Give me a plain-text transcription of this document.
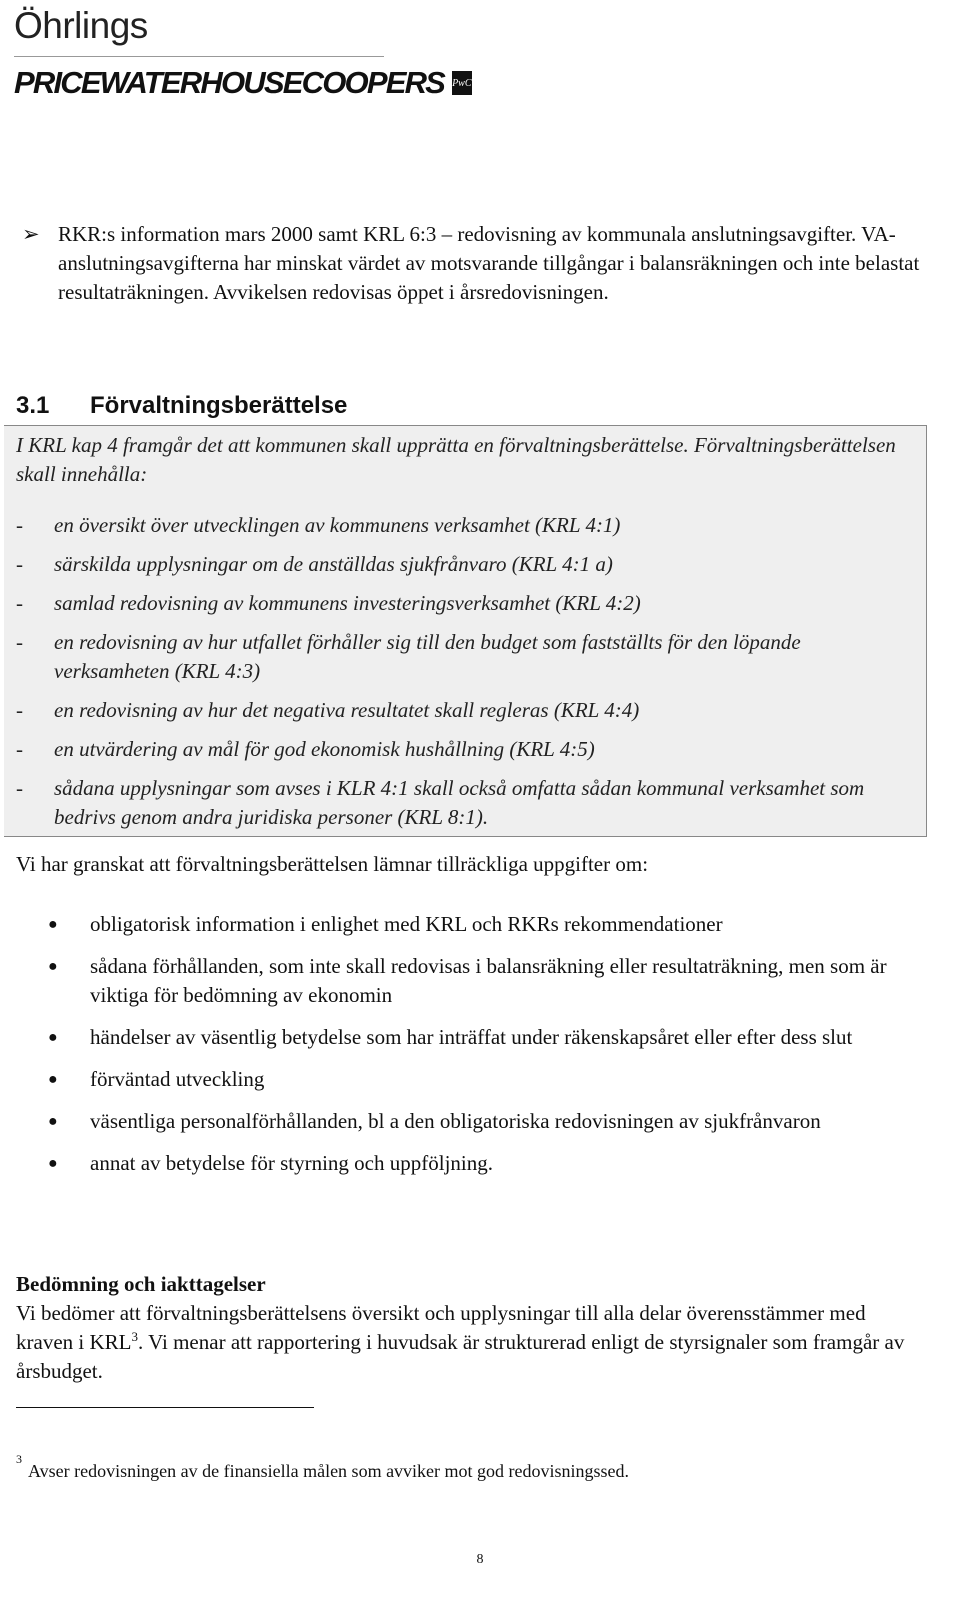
Öhrlings
PRICEWATERHOUSECOOPERS PwC
➢ RKR:s information mars 2000 samt KRL 6:3 – redovisning av kommunala anslutningsavgifter. VA-anslutningsavgifterna har minskat värdet av motsvarande tillgångar i balansräkningen och inte belastat resultaträkningen. Avvikelsen redovisas öppet i årsredovisningen.
3.1 Förvaltningsberättelse
I KRL kap 4 framgår det att kommunen skall upprätta en förvaltningsberättelse. Förvaltningsberättelsen skall innehålla:
-	en översikt över utvecklingen av kommunens verksamhet (KRL 4:1)
-	särskilda upplysningar om de anställdas sjukfrånvaro (KRL 4:1 a)
-	samlad redovisning av kommunens investeringsverksamhet (KRL 4:2)
-	en redovisning av hur utfallet förhåller sig till den budget som fastställts för den löpande verksamheten (KRL 4:3)
-	en redovisning av hur det negativa resultatet skall regleras (KRL 4:4)
-	en utvärdering av mål för god ekonomisk hushållning (KRL 4:5)
-	sådana upplysningar som avses i KLR 4:1 skall också omfatta sådan kommunal verksamhet som bedrivs genom andra juridiska personer (KRL 8:1).
Vi har granskat att förvaltningsberättelsen lämnar tillräckliga uppgifter om:
●	obligatorisk information i enlighet med KRL och RKRs rekommendationer
●	sådana förhållanden, som inte skall redovisas i balansräkning eller resultaträkning, men som är viktiga för bedömning av ekonomin
●	händelser av väsentlig betydelse som har inträffat under räkenskapsåret eller efter dess slut
●	förväntad utveckling
●	väsentliga personalförhållanden, bl a den obligatoriska redovisningen av sjukfrånvaron
●	annat av betydelse för styrning och uppföljning.
Bedömning och iakttagelser
Vi bedömer att förvaltningsberättelsens översikt och upplysningar till alla delar överensstämmer med kraven i KRL$^3$. Vi menar att rapportering i huvudsak är strukturerad enligt de styrsignaler som framgår av årsbudget.
$^3$Avser redovisningen av de finansiella målen som avviker mot god redovisningssed.
8
